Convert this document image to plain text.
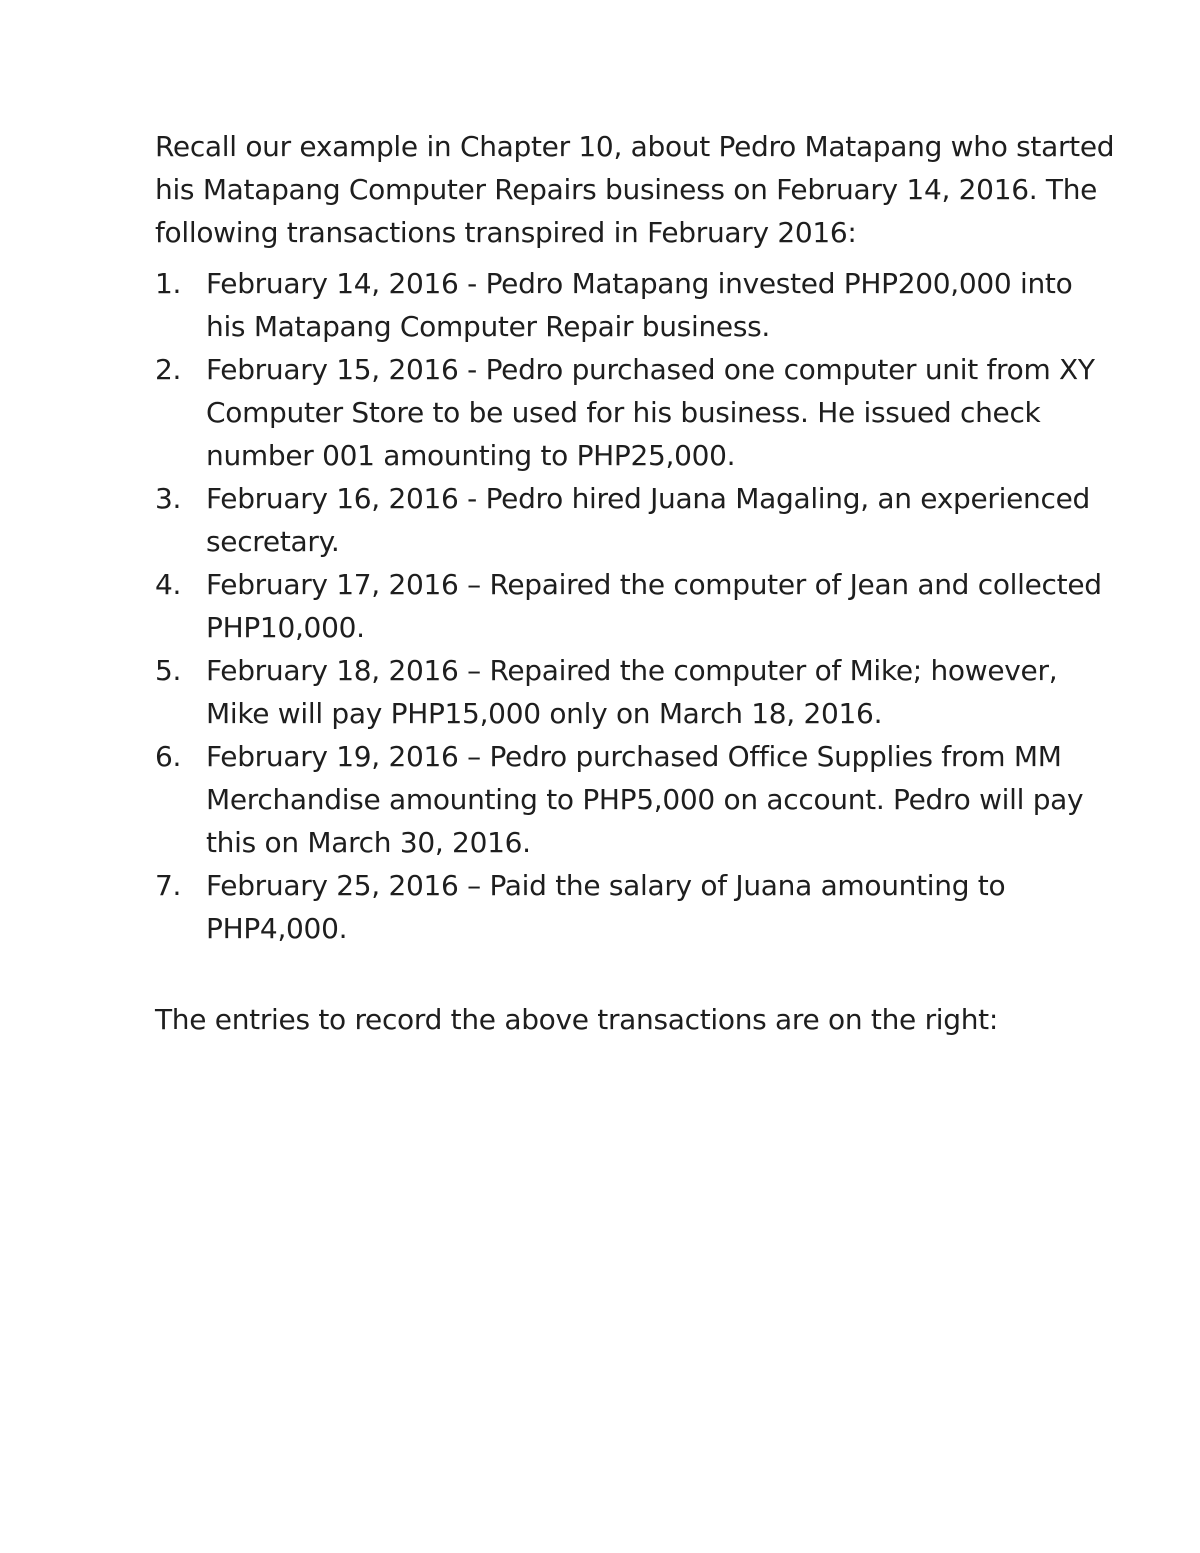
Recall our example in Chapter 10, about Pedro Matapang who started his Matapang Computer Repairs business on February 14, 2016. The following transactions transpired in February 2016:

1. February 14, 2016 - Pedro Matapang invested PHP200,000 into his Matapang Computer Repair business.
2. February 15, 2016 - Pedro purchased one computer unit from XY Computer Store to be used for his business. He issued check number 001 amounting to PHP25,000.
3. February 16, 2016 - Pedro hired Juana Magaling, an experienced secretary.
4. February 17, 2016 – Repaired the computer of Jean and collected PHP10,000.
5. February 18, 2016 – Repaired the computer of Mike; however, Mike will pay PHP15,000 only on March 18, 2016.
6. February 19, 2016 – Pedro purchased Office Supplies from MM Merchandise amounting to PHP5,000 on account. Pedro will pay this on March 30, 2016.
7. February 25, 2016 – Paid the salary of Juana amounting to PHP4,000.

The entries to record the above transactions are on the right:
